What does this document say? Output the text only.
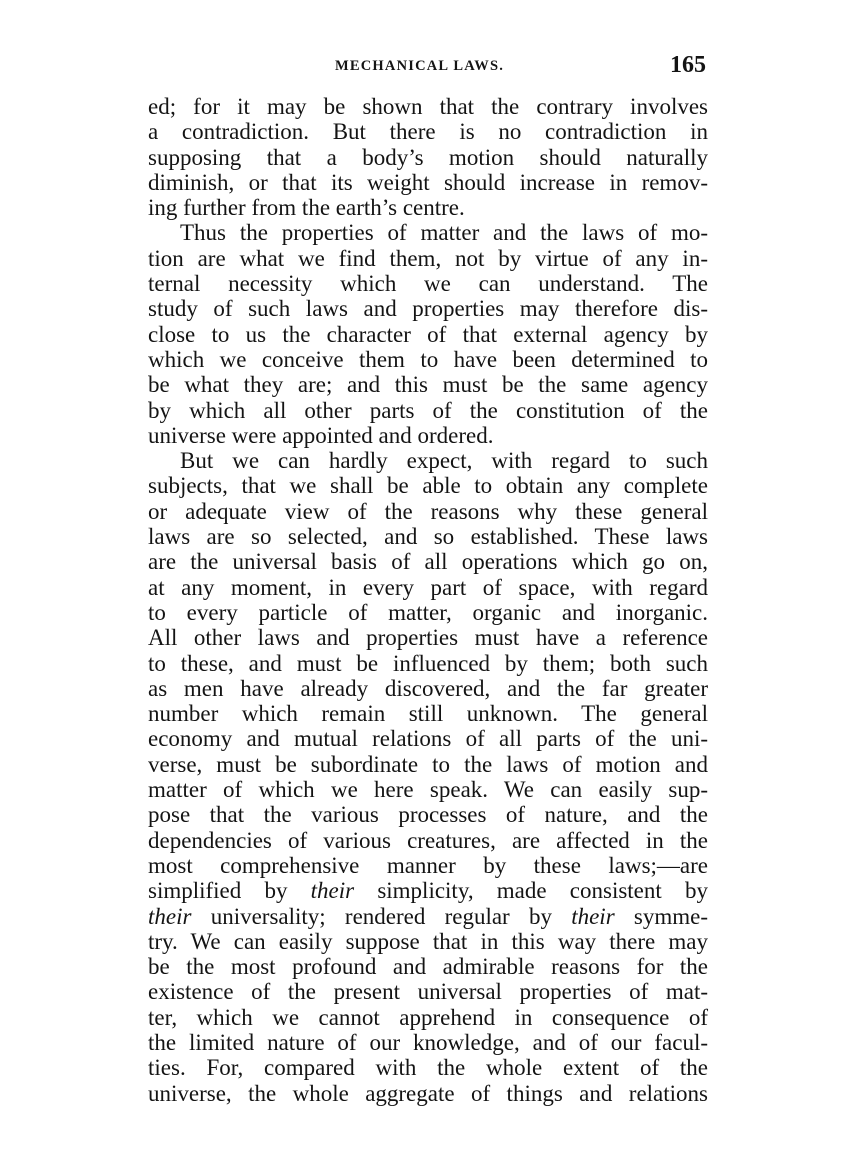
MECHANICAL LAWS.	165
ed; for it may be shown that the contrary involves
a contradiction. But there is no contradiction in
supposing that a body’s motion should naturally
diminish, or that its weight should increase in remov-
ing further from the earth’s centre.
Thus the properties of matter and the laws of mo-
tion are what we find them, not by virtue of any in-
ternal necessity which we can understand. The
study of such laws and properties may therefore dis-
close to us the character of that external agency by
which we conceive them to have been determined to
be what they are; and this must be the same agency
by which all other parts of the constitution of the
universe were appointed and ordered.
But we can hardly expect, with regard to such
subjects, that we shall be able to obtain any complete
or adequate view of the reasons why these general
laws are so selected, and so established. These laws
are the universal basis of all operations which go on,
at any moment, in every part of space, with regard
to every particle of matter, organic and inorganic.
All other laws and properties must have a reference
to these, and must be influenced by them; both such
as men have already discovered, and the far greater
number which remain still unknown. The general
economy and mutual relations of all parts of the uni-
verse, must be subordinate to the laws of motion and
matter of which we here speak. We can easily sup-
pose that the various processes of nature, and the
dependencies of various creatures, are affected in the
most comprehensive manner by these laws;—are
simplified by their simplicity, made consistent by
their universality; rendered regular by their symme-
try. We can easily suppose that in this way there may
be the most profound and admirable reasons for the
existence of the present universal properties of mat-
ter, which we cannot apprehend in consequence of
the limited nature of our knowledge, and of our facul-
ties. For, compared with the whole extent of the
universe, the whole aggregate of things and relations
